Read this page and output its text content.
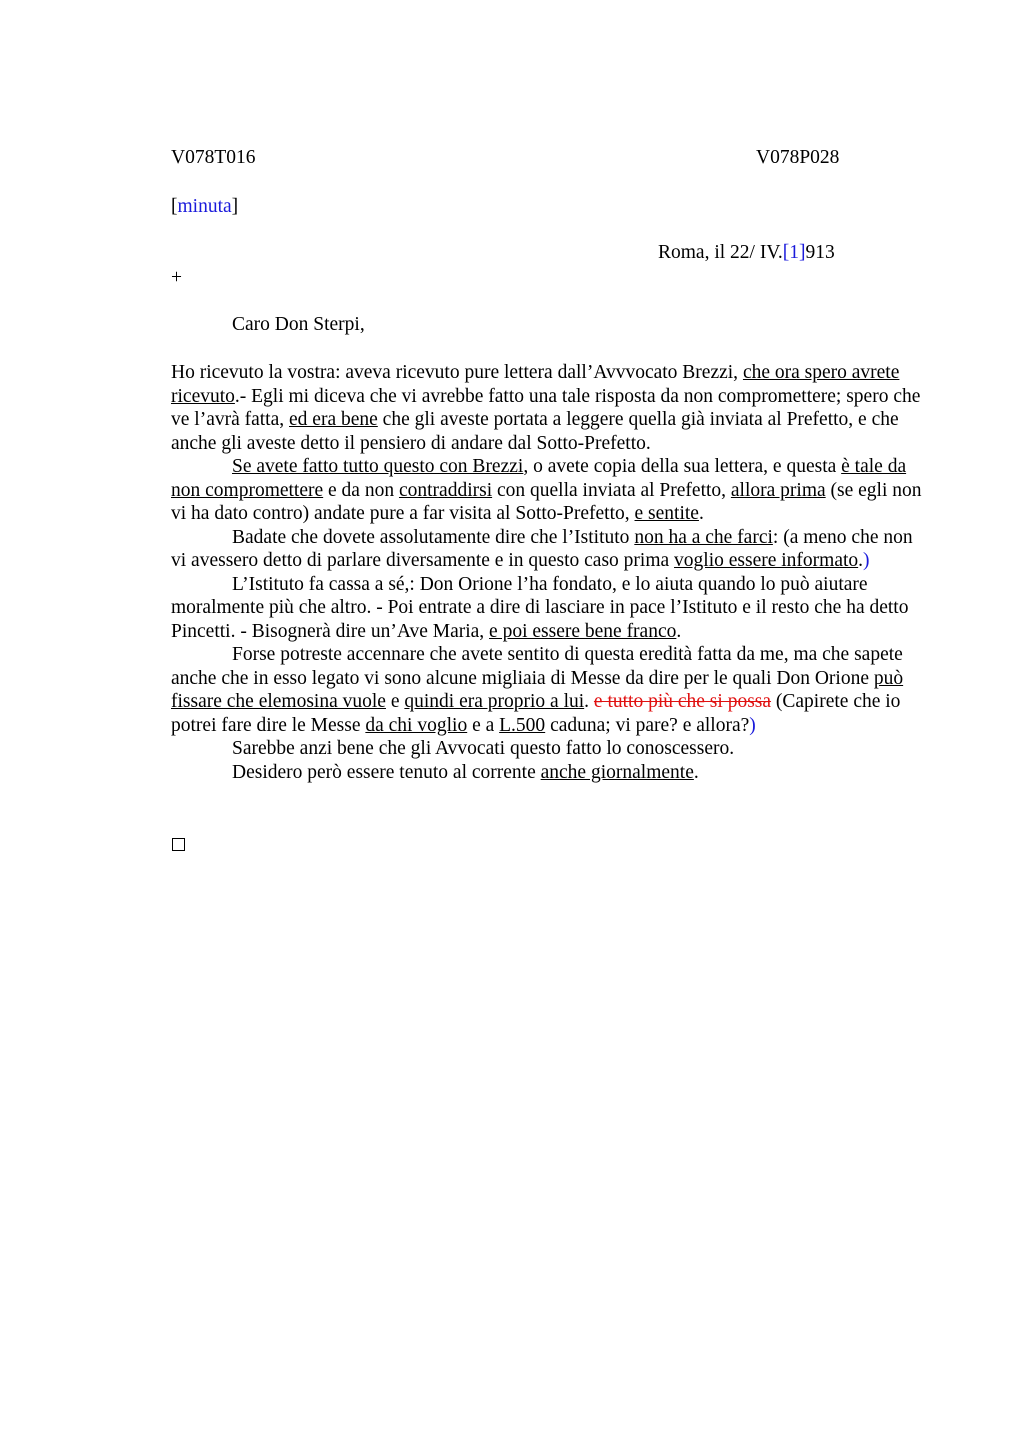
V078T016	V078P028
[minuta]
Roma, il 22/ IV.[1]913
+
Caro Don Sterpi,

Ho ricevuto la vostra: aveva ricevuto pure lettera dall’Avvvocato Brezzi, che ora spero avrete ricevuto.- Egli mi diceva che vi avrebbe fatto una tale risposta da non compromettere; spero che ve l’avrà fatta, ed era bene che gli aveste portata a leggere quella già inviata al Prefetto, e che anche gli aveste detto il pensiero di andare dal Sotto-Prefetto.

Se avete fatto tutto questo con Brezzi, o avete copia della sua lettera, e questa è tale da non compromettere e da non contraddirsi con quella inviata al Prefetto, allora prima (se egli non vi ha dato contro) andate pure a far visita al Sotto-Prefetto, e sentite.

Badate che dovete assolutamente dire che l’Istituto non ha a che farci: (a meno che non vi avessero detto di parlare diversamente e in questo caso prima voglio essere informato.)

L’Istituto fa cassa a sé,: Don Orione l’ha fondato, e lo aiuta quando lo può aiutare moralmente più che altro. - Poi entrate a dire di lasciare in pace l’Istituto e il resto che ha detto Pincetti. - Bisognerà dire un’Ave Maria, e poi essere bene franco.

Forse potreste accennare che avete sentito di questa eredità fatta da me, ma che sapete anche che in esso legato vi sono alcune migliaia di Messe da dire per le quali Don Orione può fissare che elemosina vuole e quindi era proprio a lui. e tutto più che si possa (Capirete che io potrei fare dire le Messe da chi voglio e a L.500 caduna; vi pare? e allora?)

Sarebbe anzi bene che gli Avvocati questo fatto lo conoscessero.

Desidero però essere tenuto al corrente anche giornalmente.
